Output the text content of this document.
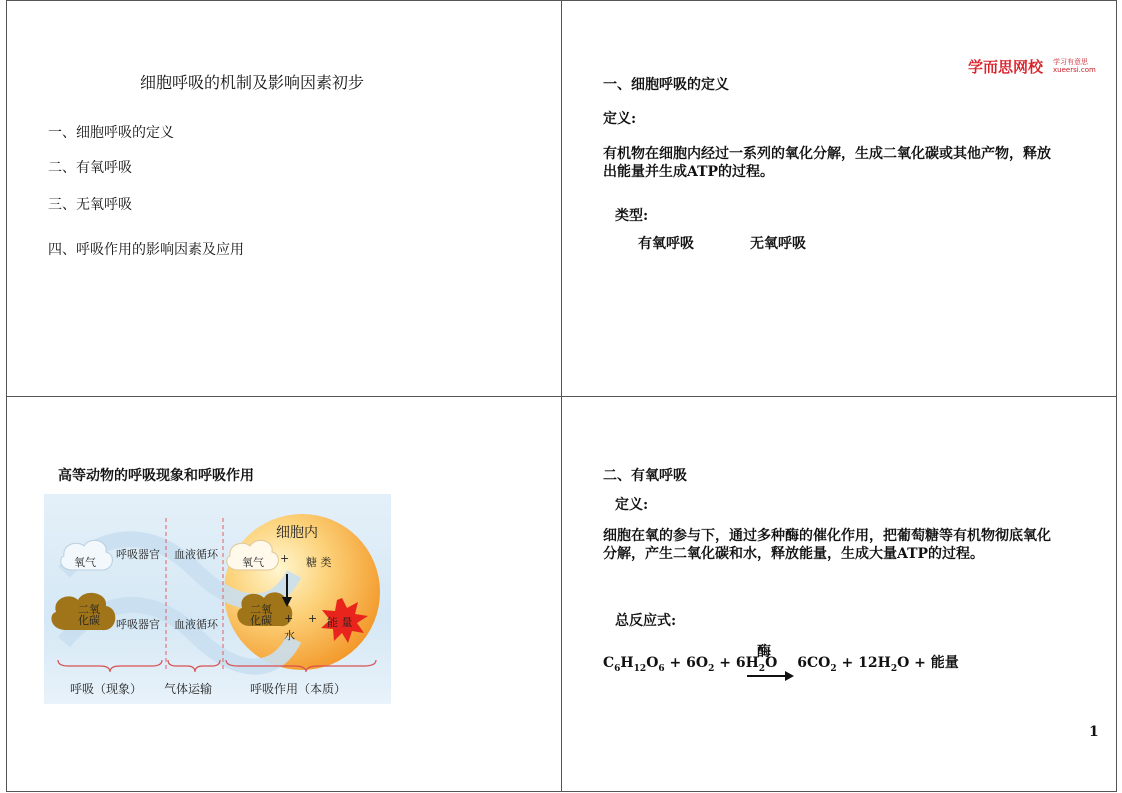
细胞呼吸的机制及影响因素初步
一、细胞呼吸的定义
二、有氧呼吸
三、无氧呼吸
四、呼吸作用的影响因素及应用
学而思网校 学习有意思
xueersi.com
一、细胞呼吸的定义
定义:
有机物在细胞内经过一系列的氧化分解，生成二氧化碳或其他产物，释放出能量并生成ATP的过程。
类型:
有氧呼吸	无氧呼吸
高等动物的呼吸现象和呼吸作用
细胞内
氧气
呼吸器官 血液循环
氧气 + 糖 类
二氧
化碳 呼吸器官 血液循环
二氧
化碳 +
水
+ 能 量
呼吸（现象） 气体运输	呼吸作用（本质）
二、有氧呼吸
定义:
细胞在氧的参与下，通过多种酶的催化作用，把葡萄糖等有机物彻底氧化分解，产生二氧化碳和水，释放能量，生成大量ATP的过程。
总反应式:
酶
$C_6H_{12}O_6 + 6O_2 + 6H_2O$ $6CO_2 + 12H_2O$ + 能量
1
